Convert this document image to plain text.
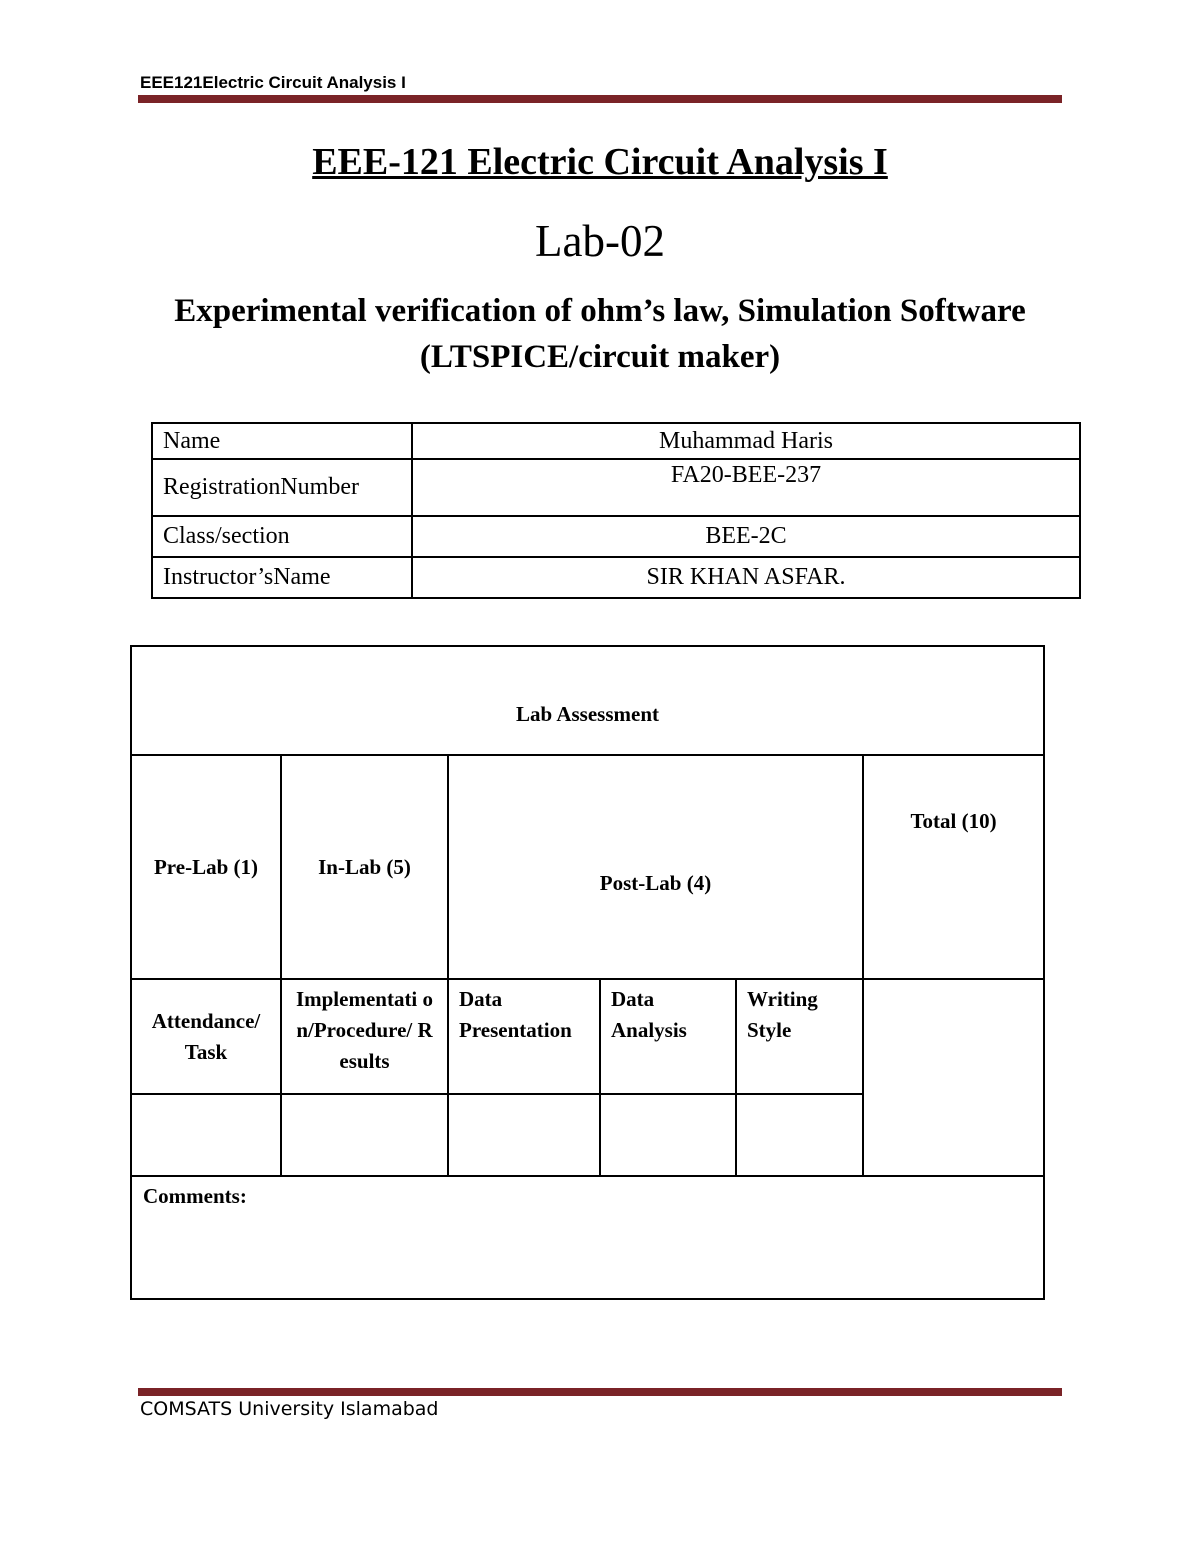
EEE121Electric Circuit Analysis I
EEE-121 Electric Circuit Analysis I
Lab-02
Experimental verification of ohm’s law, Simulation Software (LTSPICE/circuit maker)
Name	Muhammad Haris
RegistrationNumber	FA20-BEE-237
Class/section	BEE-2C
Instructor’sName	SIR KHAN ASFAR.
Lab Assessment					
Pre-Lab (1)	In-Lab (5)	Post-Lab (4)			Total (10)
Attendance/ Task	Implementati on/Procedure/ Results	Data Presentation	Data Analysis	Writing Style	

Comments:					
COMSATS University Islamabad
